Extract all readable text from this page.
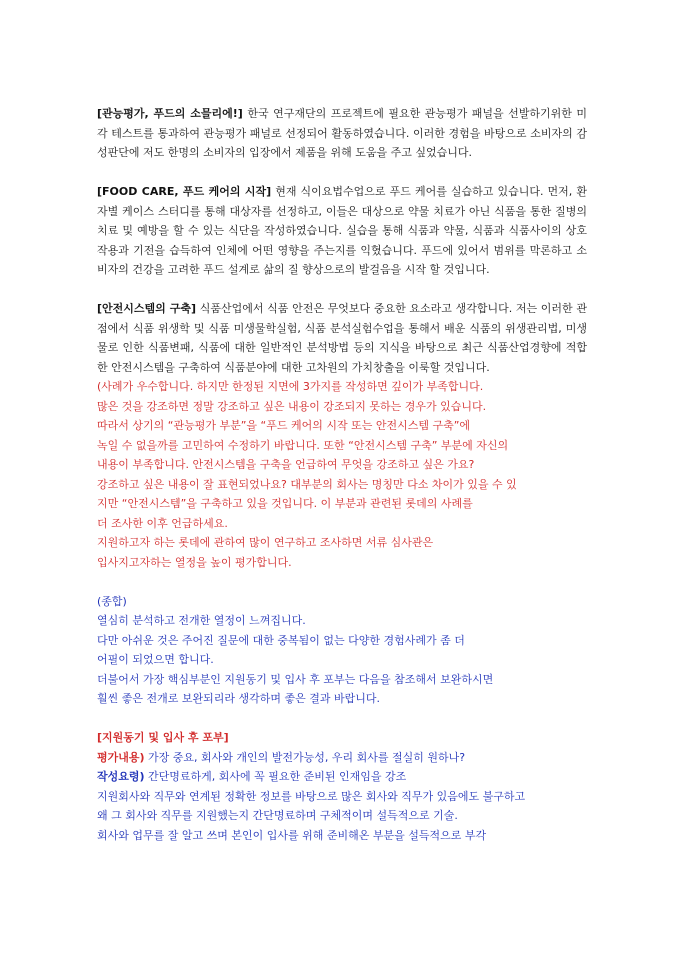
[관능평가, 푸드의 소믈리에!] 한국 연구재단의 프로젝트에 필요한 관능평가 패널을 선발하기위한 미각 테스트를 통과하여 관능평가 패널로 선정되어 활동하였습니다. 이러한 경험을 바탕으로 소비자의 감성판단에 저도 한명의 소비자의 입장에서 제품을 위해 도움을 주고 싶었습니다.

[FOOD CARE, 푸드 케어의 시작] 현재 식이요법수업으로 푸드 케어를 실습하고 있습니다. 먼저, 환자별 케이스 스터디를 통해 대상자를 선정하고, 이들은 대상으로 약물 치료가 아닌 식품을 통한 질병의 치료 및 예방을 할 수 있는 식단을 작성하였습니다. 실습을 통해 식품과 약물, 식품과 식품사이의 상호작용과 기전을 습득하여 인체에 어떤 영향을 주는지를 익혔습니다. 푸드에 있어서 범위를 막론하고 소비자의 건강을 고려한 푸드 설계로 삶의 질 향상으로의 발걸음을 시작 할 것입니다.

[안전시스템의 구축] 식품산업에서 식품 안전은 무엇보다 중요한 요소라고 생각합니다. 저는 이러한 관점에서 식품 위생학 및 식품 미생물학실험, 식품 분석실험수업을 통해서 배운 식품의 위생관리법, 미생물로 인한 식품변패, 식품에 대한 일반적인 분석방법 등의 지식을 바탕으로 최근 식품산업경향에 적합한 안전시스템을 구축하여 식품분야에 대한 고차원의 가치창출을 이룩할 것입니다.

(사례가 우수합니다. 하지만 한정된 지면에 3가지를 작성하면 깊이가 부족합니다.
많은 것을 강조하면 정말 강조하고 싶은 내용이 강조되지 못하는 경우가 있습니다.
따라서 상기의 “관능평가 부분”을 “푸드 케어의 시작 또는 안전시스템 구축”에
녹일 수 없을까를 고민하여 수정하기 바랍니다. 또한 “안전시스템 구축” 부분에 자신의
내용이 부족합니다. 안전시스템을 구축을 언급하여 무엇을 강조하고 싶은 가요?
강조하고 싶은 내용이 잘 표현되었나요? 대부분의 회사는 명칭만 다소 차이가 있을 수 있
지만 “안전시스템”을 구축하고 있을 것입니다. 이 부분과 관련된 롯데의 사례를
더 조사한 이후 언급하세요.
지원하고자 하는 롯데에 관하여 많이 연구하고 조사하면 서류 심사관은
입사지고자하는 열정을 높이 평가합니다.
(종합)
열심히 분석하고 전개한 열정이 느껴집니다.
다만 아쉬운 것은 주어진 질문에 대한 중복됨이 없는 다양한 경험사례가 좀 더
어필이 되었으면 합니다.
더불어서 가장 핵심부분인 지원동기 및 입사 후 포부는 다음을 참조해서 보완하시면
훨씬 좋은 전개로 보완되리라 생각하며 좋은 결과 바랍니다.
[지원동기 및 입사 후 포부]
평가내용) 가장 중요, 회사와 개인의 발전가능성, 우리 회사를 절실히 원하나?
작성요령) 간단명료하게, 회사에 꼭 필요한 준비된 인재임을 강조
지원회사와 직무와 연계된 정확한 정보를 바탕으로 많은 회사와 직무가 있음에도 불구하고
왜 그 회사와 직무를 지원했는지 간단명료하며 구체적이며 설득적으로 기술.
회사와 업무를 잘 알고 쓰며 본인이 입사를 위해 준비해온 부분을 설득적으로 부각
